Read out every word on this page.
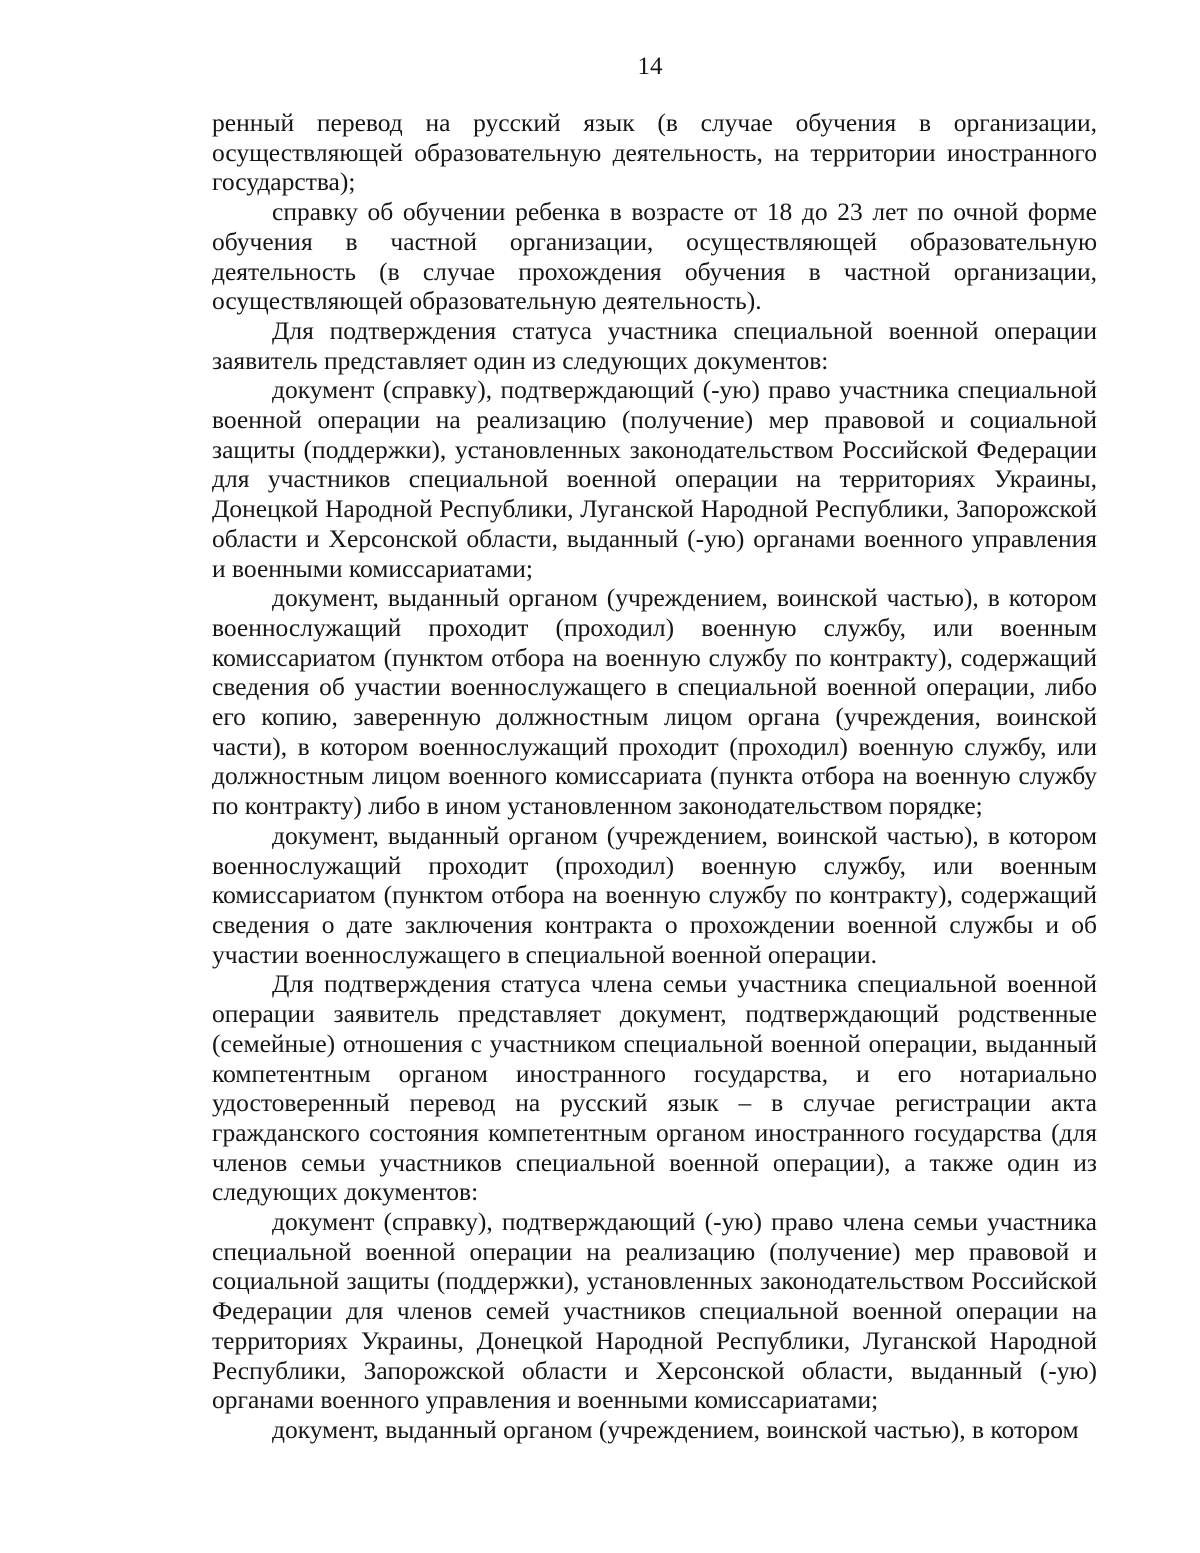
14

ренный перевод на русский язык (в случае обучения в организации, осуществляющей образовательную деятельность, на территории иностранного государства);

справку об обучении ребенка в возрасте от 18 до 23 лет по очной форме обучения в частной организации, осуществляющей образовательную деятельность (в случае прохождения обучения в частной организации, осуществляющей образовательную деятельность).

Для подтверждения статуса участника специальной военной операции заявитель представляет один из следующих документов:

документ (справку), подтверждающий (-ую) право участника специальной военной операции на реализацию (получение) мер правовой и социальной защиты (поддержки), установленных законодательством Российской Федерации для участников специальной военной операции на территориях Украины, Донецкой Народной Республики, Луганской Народной Республики, Запорожской области и Херсонской области, выданный (-ую) органами военного управления и военными комиссариатами;

документ, выданный органом (учреждением, воинской частью), в котором военнослужащий проходит (проходил) военную службу, или военным комиссариатом (пунктом отбора на военную службу по контракту), содержащий сведения об участии военнослужащего в специальной военной операции, либо его копию, заверенную должностным лицом органа (учреждения, воинской части), в котором военнослужащий проходит (проходил) военную службу, или должностным лицом военного комиссариата (пункта отбора на военную службу по контракту) либо в ином установленном законодательством порядке;

документ, выданный органом (учреждением, воинской частью), в котором военнослужащий проходит (проходил) военную службу, или военным комиссариатом (пунктом отбора на военную службу по контракту), содержащий сведения о дате заключения контракта о прохождении военной службы и об участии военнослужащего в специальной военной операции.

Для подтверждения статуса члена семьи участника специальной военной операции заявитель представляет документ, подтверждающий родственные (семейные) отношения с участником специальной военной операции, выданный компетентным органом иностранного государства, и его нотариально удостоверенный перевод на русский язык – в случае регистрации акта гражданского состояния компетентным органом иностранного государства (для членов семьи участников специальной военной операции), а также один из следующих документов:

документ (справку), подтверждающий (-ую) право члена семьи участника специальной военной операции на реализацию (получение) мер правовой и социальной защиты (поддержки), установленных законодательством Российской Федерации для членов семей участников специальной военной операции на территориях Украины, Донецкой Народной Республики, Луганской Народной Республики, Запорожской области и Херсонской области, выданный (-ую) органами военного управления и военными комиссариатами;

документ, выданный органом (учреждением, воинской частью), в котором
